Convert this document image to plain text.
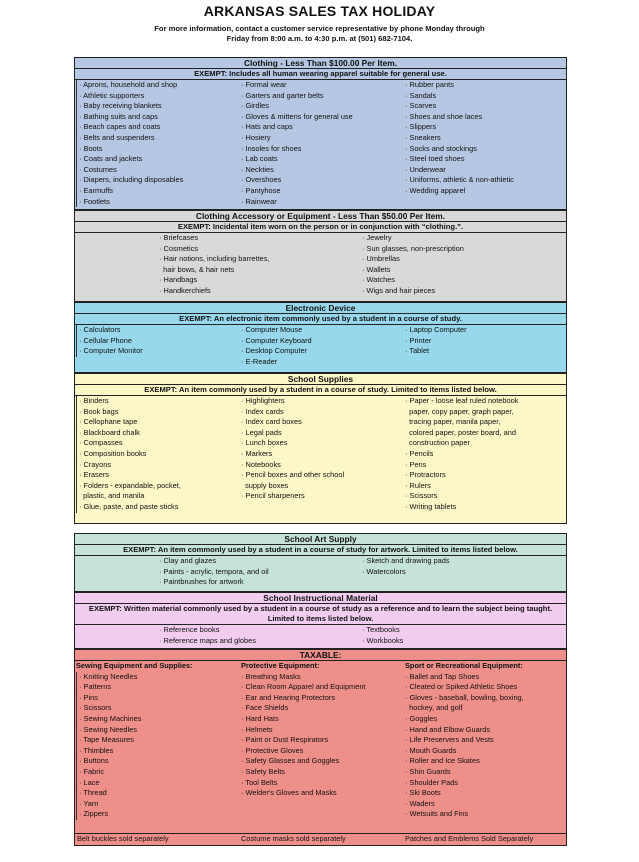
ARKANSAS SALES TAX HOLIDAY
For more information, contact a customer service representative by phone Monday through
Friday from 8:00 a.m. to 4:30 p.m. at (501) 682-7104.
Clothing - Less Than $100.00 Per Item.
EXEMPT: Includes all human wearing apparel suitable for general use.
· Aprons, household and shop
· Athletic supporters
· Baby receiving blankets
· Bathing suits and caps
· Beach capes and coats
· Belts and suspenders
· Boots
· Coats and jackets
· Costumes
· Diapers, including disposables
· Earmuffs
· Footlets
· Formal wear
· Garters and garter belts
· Girdles
· Gloves & mittens for general use
· Hats and caps
· Hosiery
· Insoles for shoes
· Lab coats
· Neckties
· Overshoes
· Pantyhose
· Rainwear
· Rubber pants
· Sandals
· Scarves
· Shoes and shoe laces
· Slippers
· Sneakers
· Socks and stockings
· Steel toed shoes
· Underwear
· Uniforms, athletic & non-athletic
· Wedding apparel
Clothing Accessory or Equipment - Less Than $50.00 Per Item.
EXEMPT: Incidental item worn on the person or in conjunction with “clothing.”.
· Briefcases
· Cosmetics
· Hair notions, including barrettes,
hair bows, & hair nets
· Handbags
· Handkerchiefs
· Jewelry
· Sun glasses, non-prescription
· Umbrellas
· Wallets
· Watches
· Wigs and hair pieces
Electronic Device
EXEMPT: An electronic item commonly used by a student in a course of study.
· Calculators
· Cellular Phone
· Computer Monitor
· Computer Mouse
· Computer Keyboard
· Desktop Computer
· E-Reader
· Laptop Computer
· Printer
· Tablet
School Supplies
EXEMPT: An item commonly used by a student in a course of study. Limited to items listed below.
· Binders
· Book bags
· Cellophane tape
· Blackboard chalk
· Compasses
· Composition books
· Crayons
· Erasers
· Folders - expandable, pocket,
plastic, and manila
· Glue, paste, and paste sticks
· Highlighters
· Index cards
· Index card boxes
· Legal pads
· Lunch boxes
· Markers
· Notebooks
· Pencil boxes and other school
supply boxes
· Pencil sharpeners
· Paper - loose leaf ruled notebook
paper, copy paper, graph paper,
tracing paper, manila paper,
colored paper, poster board, and
construction paper
· Pencils
· Pens
· Protractors
· Rulers
· Scissors
· Writing tablets
School Art Supply
EXEMPT: An item commonly used by a student in a course of study for artwork. Limited to items listed below.
· Clay and glazes
· Paints - acrylic, tempora, and oil
· Paintbrushes for artwork
· Sketch and drawing pads
· Watercolors
School Instructional Material
EXEMPT: Written material commonly used by a student in a course of study as a reference and to learn the subject being taught. Limited to items listed below.
· Reference books
· Reference maps and globes
· Textbooks
· Workbooks
TAXABLE:
Sewing Equipment and Supplies:
· Knitting Needles
· Patterns
· Pins
· Scissors
· Sewing Machines
· Sewing Needles
· Tape Measures
· Thimbles
· Buttons
· Fabric
· Lace
· Thread
· Yarn
· Zippers
Protective Equipment:
· Breathing Masks
· Clean Room Apparel and Equipment
· Ear and Hearing Protectors
· Face Shields
· Hard Hats
· Helmets
· Paint or Dust Respirators
· Protective Gloves
· Safety Glasses and Goggles
· Safety Belts
· Tool Belts
· Welder's Gloves and Masks
Sport or Recreational Equipment:
· Ballet and Tap Shoes
· Cleated or Spiked Athletic Shoes
· Gloves - baseball, bowling, boxing,
hockey, and golf
· Goggles
· Hand and Elbow Guards
· Life Preservers and Vests
· Mouth Guards
· Roller and Ice Skates
· Shin Guards
· Shoulder Pads
· Ski Boots
· Waders
· Wetsuits and Fins
Belt buckles sold separately	Costume masks sold separately	Patches and Emblems Sold Separately
